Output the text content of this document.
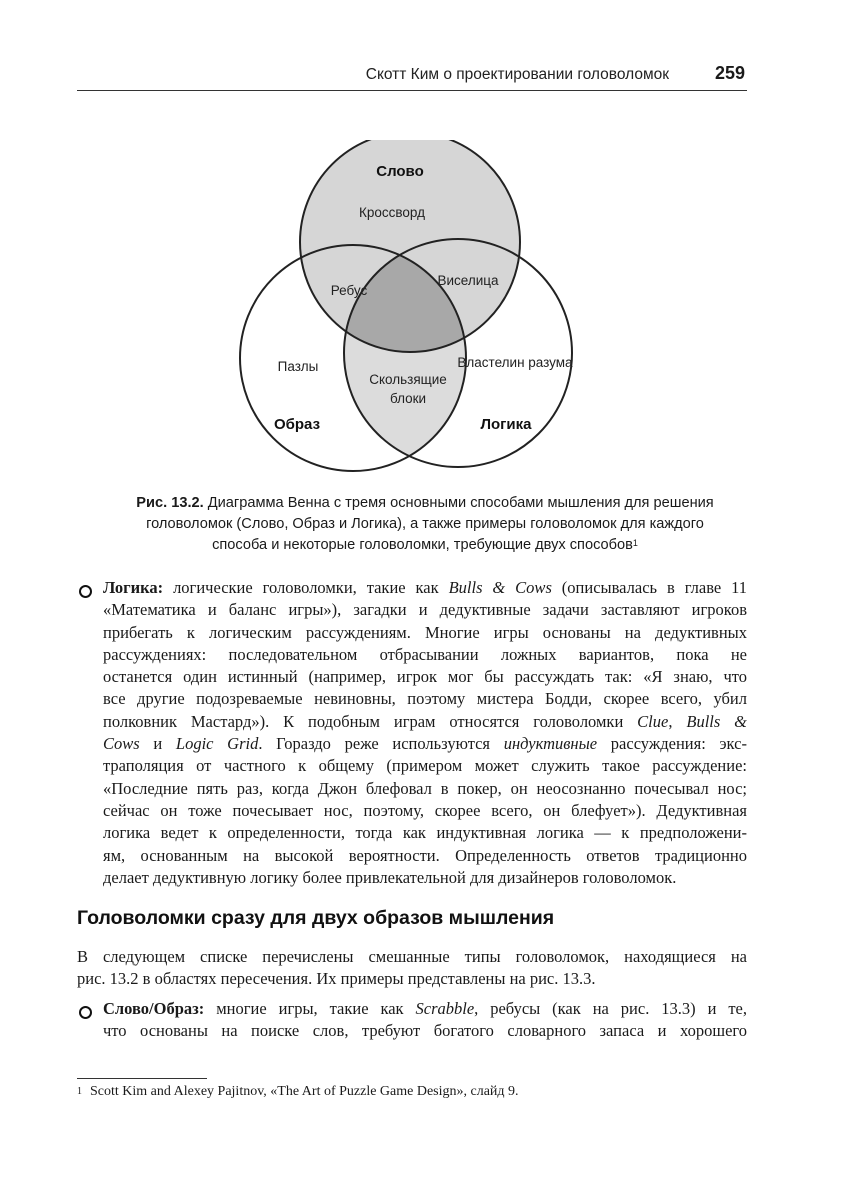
Скотт Ким о проектировании головоломок	259
Слово
Кроссворд
Ребус
Виселица
Пазлы	Властелин разума
Скользящие
блоки
Образ	Логика
Рис. 13.2. Диаграмма Венна с тремя основными способами мышления для решения
головоломок (Слово, Образ и Логика), а также примеры головоломок для каждого
способа и некоторые головоломки, требующие двух способов$^1$
Логика: логические головоломки, такие как Bulls & Cows (описывалась в главе 11
«Математика и баланс игры»), загадки и дедуктивные задачи заставляют игроков
прибегать к логическим рассуждениям. Многие игры основаны на дедуктивных
рассуждениях: последовательном отбрасывании ложных вариантов, пока не
останется один истинный (например, игрок мог бы рассуждать так: «Я знаю, что
все другие подозреваемые невиновны, поэтому мистера Бодди, скорее всего, убил
полковник Мастард»). К подобным играм относятся головоломки Clue, Bulls &
Cows и Logic Grid. Гораздо реже используются индуктивные рассуждения: экс-
траполяция от частного к общему (примером может служить такое рассуждение:
«Последние пять раз, когда Джон блефовал в покер, он неосознанно почесывал нос;
сейчас он тоже почесывает нос, поэтому, скорее всего, он блефует»). Дедуктивная
логика ведет к определенности, тогда как индуктивная логика — к предположени-
ям, основанным на высокой вероятности. Определенность ответов традиционно
делает дедуктивную логику более привлекательной для дизайнеров головоломок.
Головоломки сразу для двух образов мышления
В следующем списке перечислены смешанные типы головоломок, находящиеся на
рис. 13.2 в областях пересечения. Их примеры представлены на рис. 13.3.
Слово/Образ: многие игры, такие как Scrabble, ребусы (как на рис. 13.3) и те,
что основаны на поиске слов, требуют богатого словарного запаса и хорошего
$^1$ Scott Kim and Alexey Pajitnov, «The Art of Puzzle Game Design», слайд 9.
